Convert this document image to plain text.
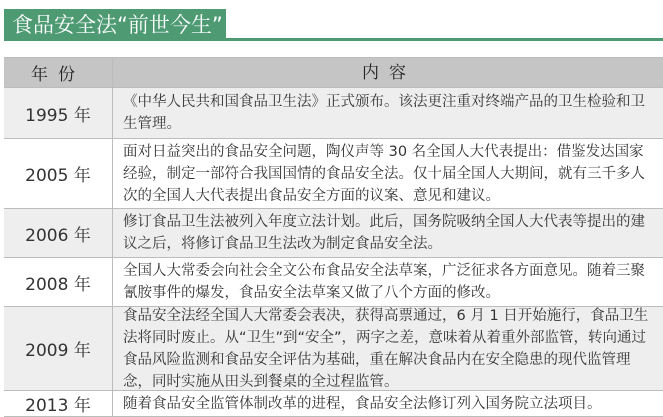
食品安全法“前世今生”
年份	内容
1995 年
《中华人民共和国食品卫生法》正式颁布。该法更注重对终端产品的卫生检验和卫生管理。
2005 年
面对日益突出的食品安全问题，陶仪声等 30 名全国人大代表提出：借鉴发达国家经验，制定一部符合我国国情的食品安全法。仅十届全国人大期间，就有三千多人次的全国人大代表提出食品安全方面的议案、意见和建议。
2006 年
修订食品卫生法被列入年度立法计划。此后，国务院吸纳全国人大代表等提出的建议之后，将修订食品卫生法改为制定食品安全法。
2008 年
全国人大常委会向社会全文公布食品安全法草案，广泛征求各方面意见。随着三聚氰胺事件的爆发，食品安全法草案又做了八个方面的修改。
2009 年
食品安全法经全国人大常委会表决，获得高票通过，6 月 1 日开始施行，食品卫生法将同时废止。从“卫生”到“安全”，两字之差，意味着从着重外部监管，转向通过食品风险监测和食品安全评估为基础，重在解决食品内在安全隐患的现代监管理念，同时实施从田头到餐桌的全过程监管。
2013 年	随着食品安全监管体制改革的进程，食品安全法修订列入国务院立法项目。
